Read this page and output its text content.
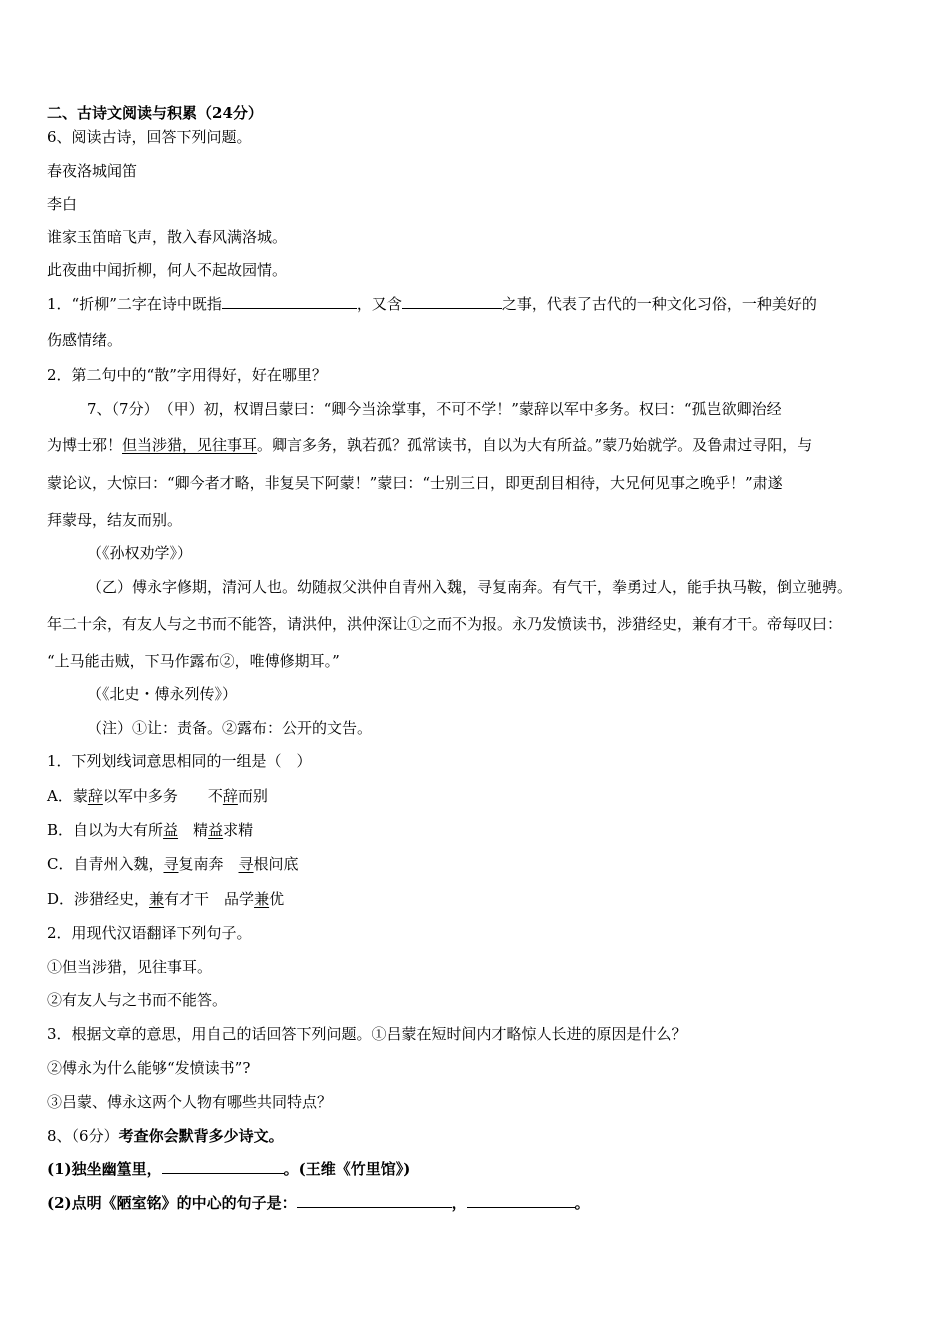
二、古诗文阅读与积累（24分）
6、阅读古诗，回答下列问题。
春夜洛城闻笛
李白
谁家玉笛暗飞声，散入春风满洛城。
此夜曲中闻折柳，何人不起故园情。
1．“折柳”二字在诗中既指	，又含	之事，代表了古代的一种文化习俗，一种美好的
伤感情绪。
2．第二句中的“散”字用得好，好在哪里？
7、（7分）　（甲）初，权谓吕蒙曰：“卿今当涂掌事，不可不学！”蒙辞以军中多务。权曰：“孤岂欲卿治经
为博士邪！但当涉猎，见往事耳。卿言多务，孰若孤？孤常读书，自以为大有所益。”蒙乃始就学。及鲁肃过寻阳，与
蒙论议，大惊曰：“卿今者才略，非复吴下阿蒙！”蒙曰：“士别三日，即更刮目相待，大兄何见事之晚乎！”肃遂
拜蒙母，结友而别。
（《孙权劝学》）
（乙）傅永字修期，清河人也。幼随叔父洪仲自青州入魏，寻复南奔。有气干，拳勇过人，能手执马鞍，倒立驰骋。
年二十余，有友人与之书而不能答，请洪仲，洪仲深让①之而不为报。永乃发愤读书，涉猎经史，兼有才干。帝每叹曰：
“上马能击贼，下马作露布②，唯傅修期耳。”
（《北史・傅永列传》）
（注）①让：责备。②露布：公开的文告。
1．下列划线词意思相同的一组是（　）
A．蒙辞以军中多务　　不辞而别
B．自以为大有所益　精益求精
C．自青州入魏，寻复南奔　寻根问底
D．涉猎经史，兼有才干　品学兼优
2．用现代汉语翻译下列句子。
①但当涉猎，见往事耳。
②有友人与之书而不能答。
3．根据文章的意思，用自己的话回答下列问题。①吕蒙在短时间内才略惊人长进的原因是什么？
②傅永为什么能够“发愤读书”?
③吕蒙、傅永这两个人物有哪些共同特点？
8、（6分）考查你会默背多少诗文。
(1)独坐幽篁里，	。(王维《竹里馆》)
(2)点明《陋室铭》的中心的句子是：	，	。
